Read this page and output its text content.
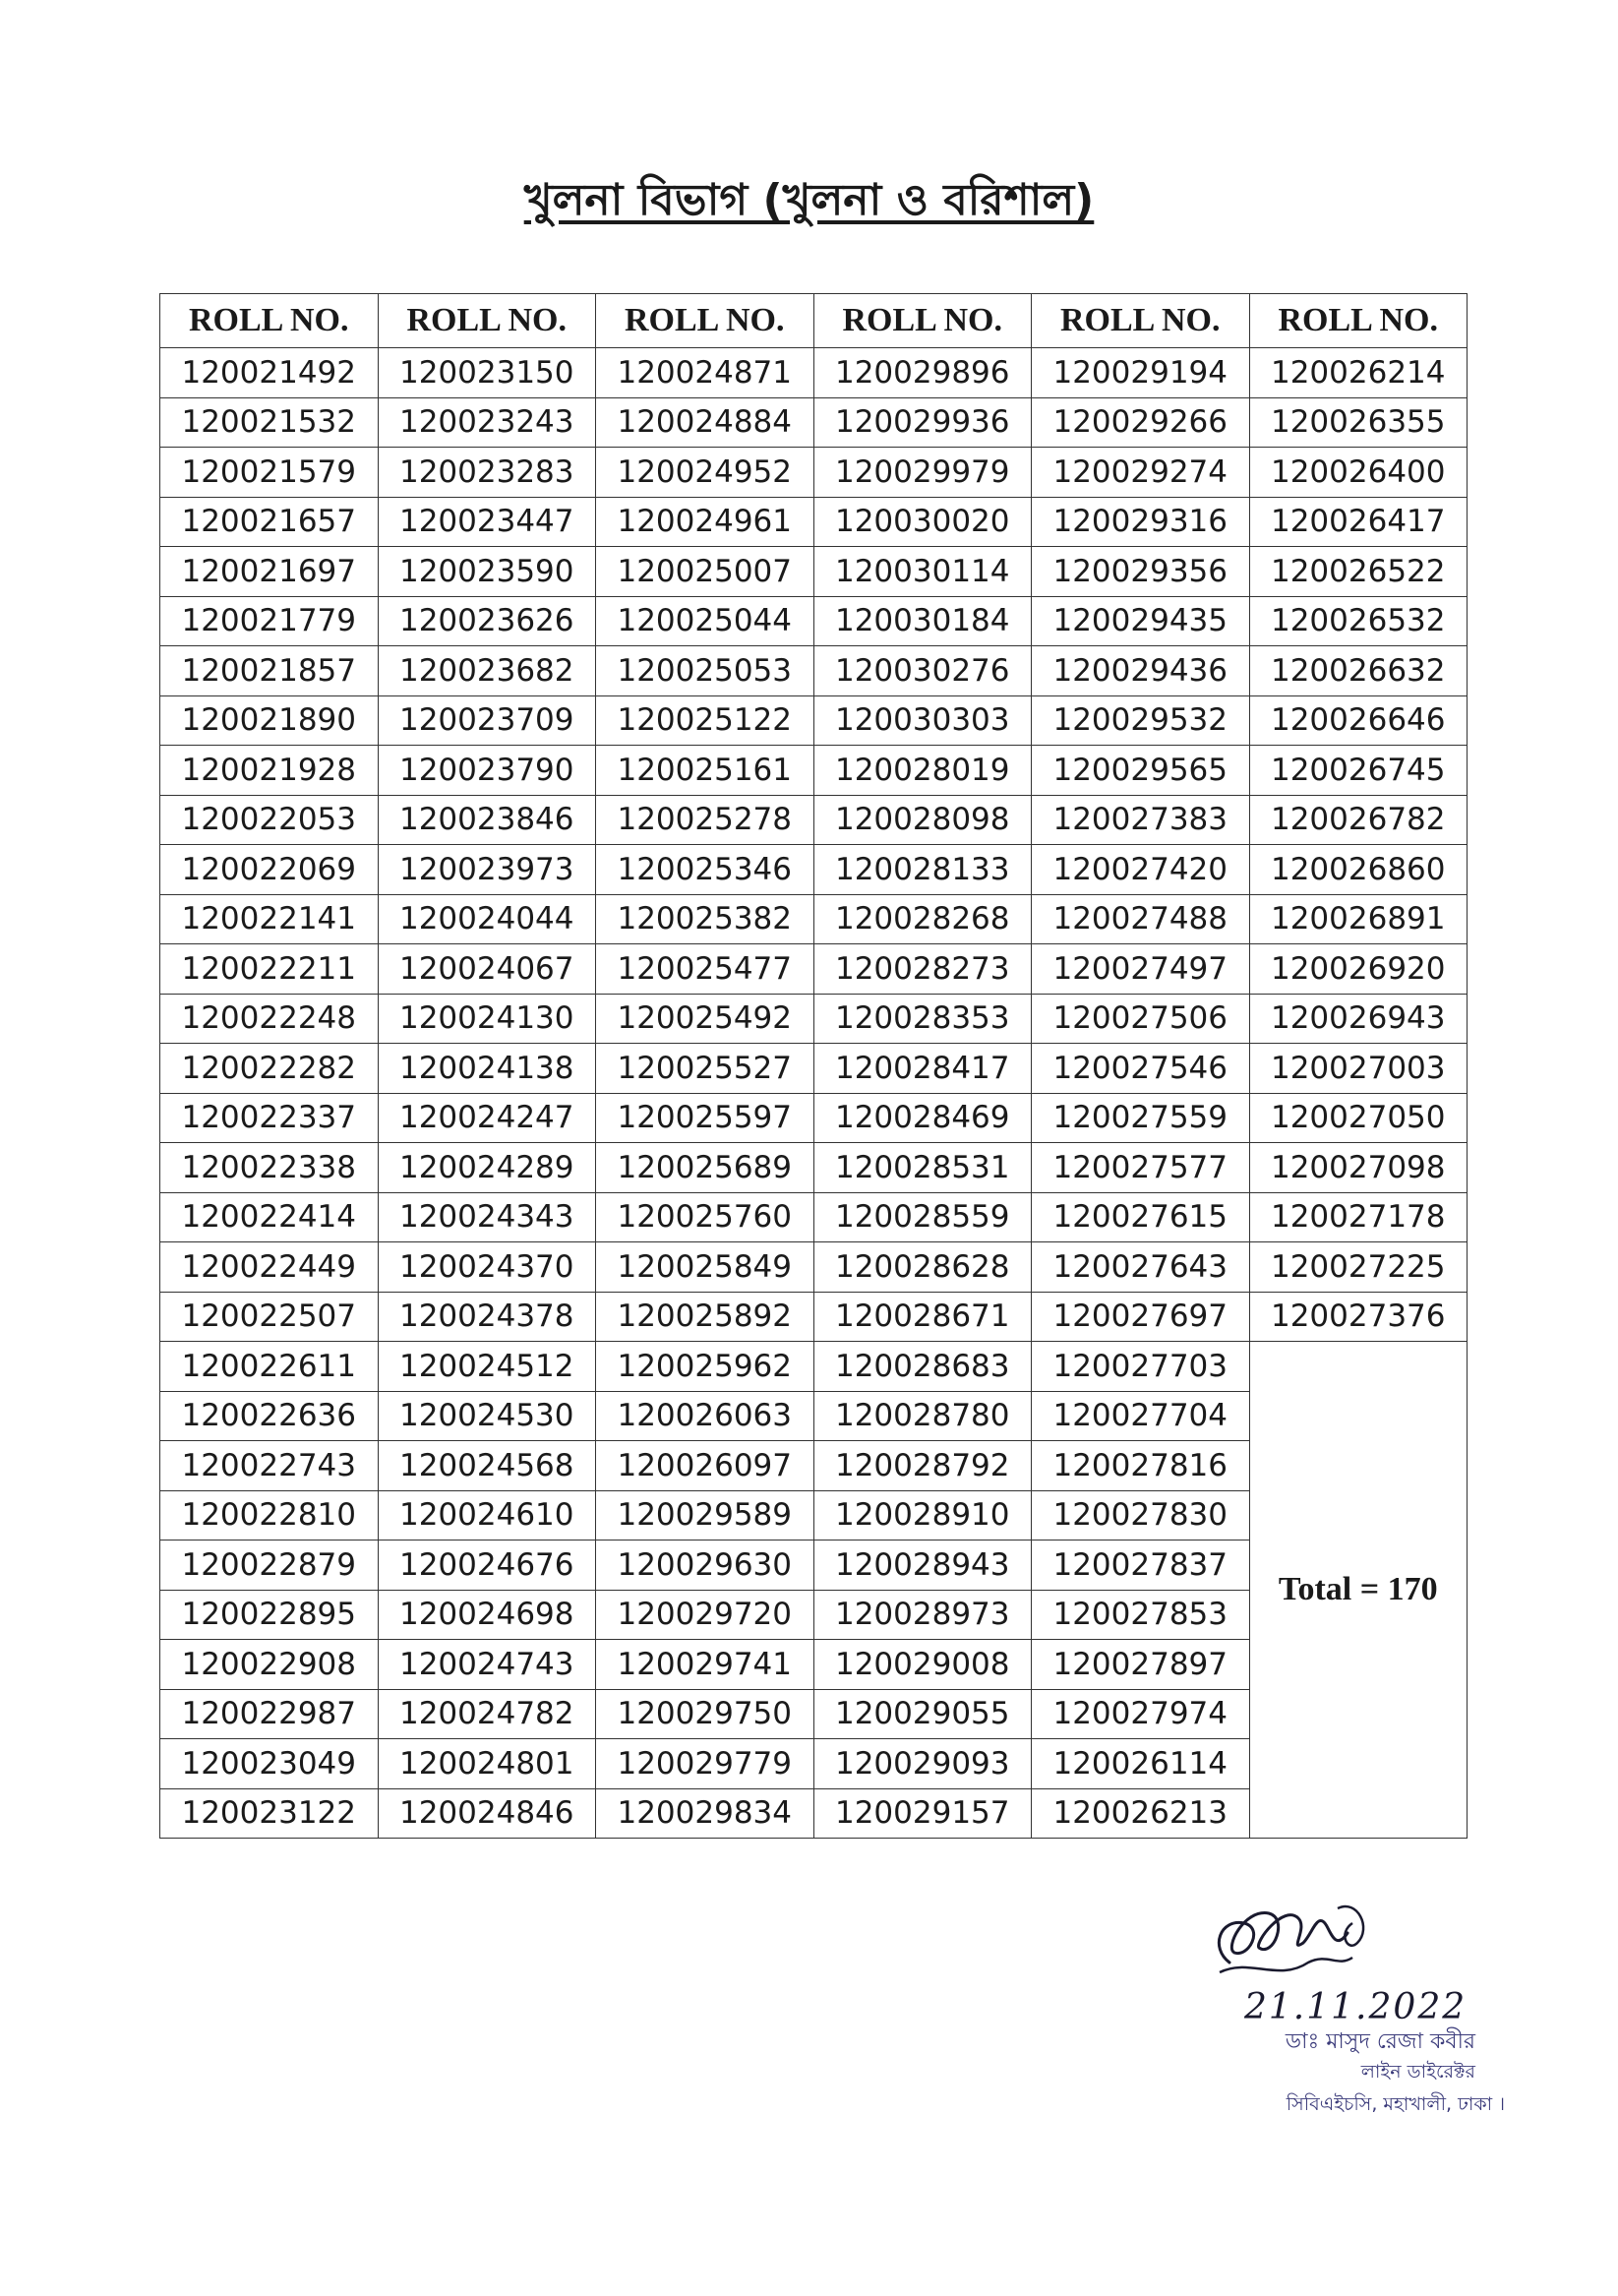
খুলনা বিভাগ (খুলনা ও বরিশাল)
ROLL NO.	ROLL NO.	ROLL NO.	ROLL NO.	ROLL NO.	ROLL NO.
120021492	120023150	120024871	120029896	120029194	120026214
120021532	120023243	120024884	120029936	120029266	120026355
120021579	120023283	120024952	120029979	120029274	120026400
120021657	120023447	120024961	120030020	120029316	120026417
120021697	120023590	120025007	120030114	120029356	120026522
120021779	120023626	120025044	120030184	120029435	120026532
120021857	120023682	120025053	120030276	120029436	120026632
120021890	120023709	120025122	120030303	120029532	120026646
120021928	120023790	120025161	120028019	120029565	120026745
120022053	120023846	120025278	120028098	120027383	120026782
120022069	120023973	120025346	120028133	120027420	120026860
120022141	120024044	120025382	120028268	120027488	120026891
120022211	120024067	120025477	120028273	120027497	120026920
120022248	120024130	120025492	120028353	120027506	120026943
120022282	120024138	120025527	120028417	120027546	120027003
120022337	120024247	120025597	120028469	120027559	120027050
120022338	120024289	120025689	120028531	120027577	120027098
120022414	120024343	120025760	120028559	120027615	120027178
120022449	120024370	120025849	120028628	120027643	120027225
120022507	120024378	120025892	120028671	120027697	120027376
120022611	120024512	120025962	120028683	120027703	Total = 170
120022636	120024530	120026063	120028780	120027704	
120022743	120024568	120026097	120028792	120027816	
120022810	120024610	120029589	120028910	120027830	
120022879	120024676	120029630	120028943	120027837	
120022895	120024698	120029720	120028973	120027853	
120022908	120024743	120029741	120029008	120027897	
120022987	120024782	120029750	120029055	120027974	
120023049	120024801	120029779	120029093	120026114	
120023122	120024846	120029834	120029157	120026213	
21.11.2022
ডাঃ মাসুদ রেজা কবীর
লাইন ডাইরেক্টর
সিবিএইচসি, মহাখালী, ঢাকা ।
